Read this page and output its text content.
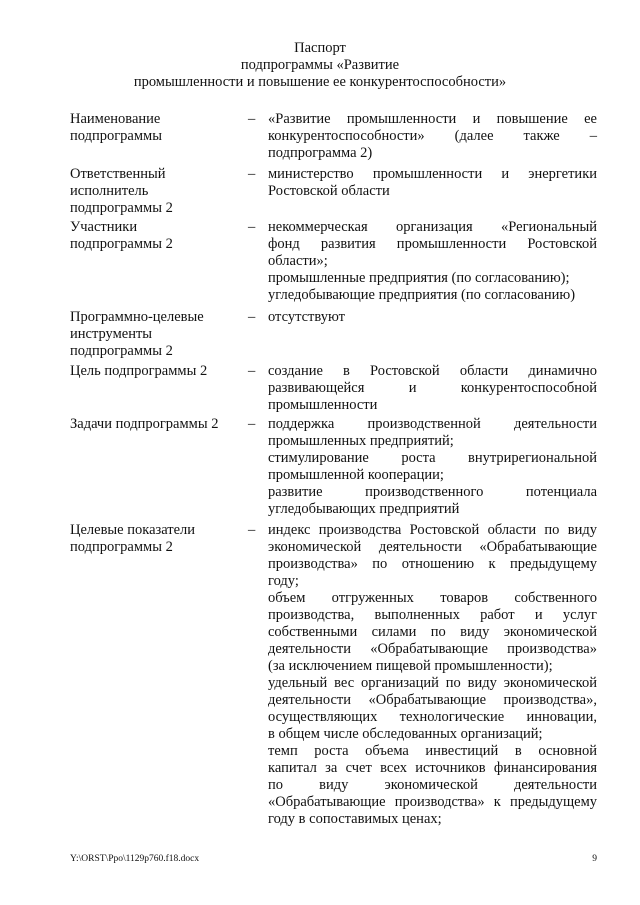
Паспорт
подпрограммы «Развитие
промышленности и повышение ее конкурентоспособности»
Наименование
подпрограммы
– «Развитие промышленности и повышение ее
конкурентоспособности» (далее также –
подпрограмма 2)
Ответственный
исполнитель
подпрограммы 2
– министерство промышленности и энергетики
Ростовской области
Участники
подпрограммы 2
– некоммерческая организация «Региональный
фонд развития промышленности Ростовской
области»;
промышленные предприятия (по согласованию);
угледобывающие предприятия (по согласованию)
Программно-целевые
инструменты
подпрограммы 2
– отсутствуют
Цель подпрограммы 2	– создание в Ростовской области динамично
развивающейся и конкурентоспособной
промышленности
Задачи подпрограммы 2	– поддержка производственной деятельности
промышленных предприятий;
стимулирование роста внутрирегиональной
промышленной кооперации;
развитие производственного потенциала
угледобывающих предприятий
Целевые показатели
подпрограммы 2
– индекс производства Ростовской области по виду
экономической деятельности «Обрабатывающие
производства» по отношению к предыдущему
году;
объем отгруженных товаров собственного
производства, выполненных работ и услуг
собственными силами по виду экономической
деятельности «Обрабатывающие производства»
(за исключением пищевой промышленности);
удельный вес организаций по виду экономической
деятельности «Обрабатывающие производства»,
осуществляющих технологические инновации,
в общем числе обследованных организаций;
темп роста объема инвестиций в основной
капитал за счет всех источников финансирования
по виду экономической деятельности
«Обрабатывающие производства» к предыдущему
году в сопоставимых ценах;
Y:\ORST\Ppo\1129p760.f18.docx	9
